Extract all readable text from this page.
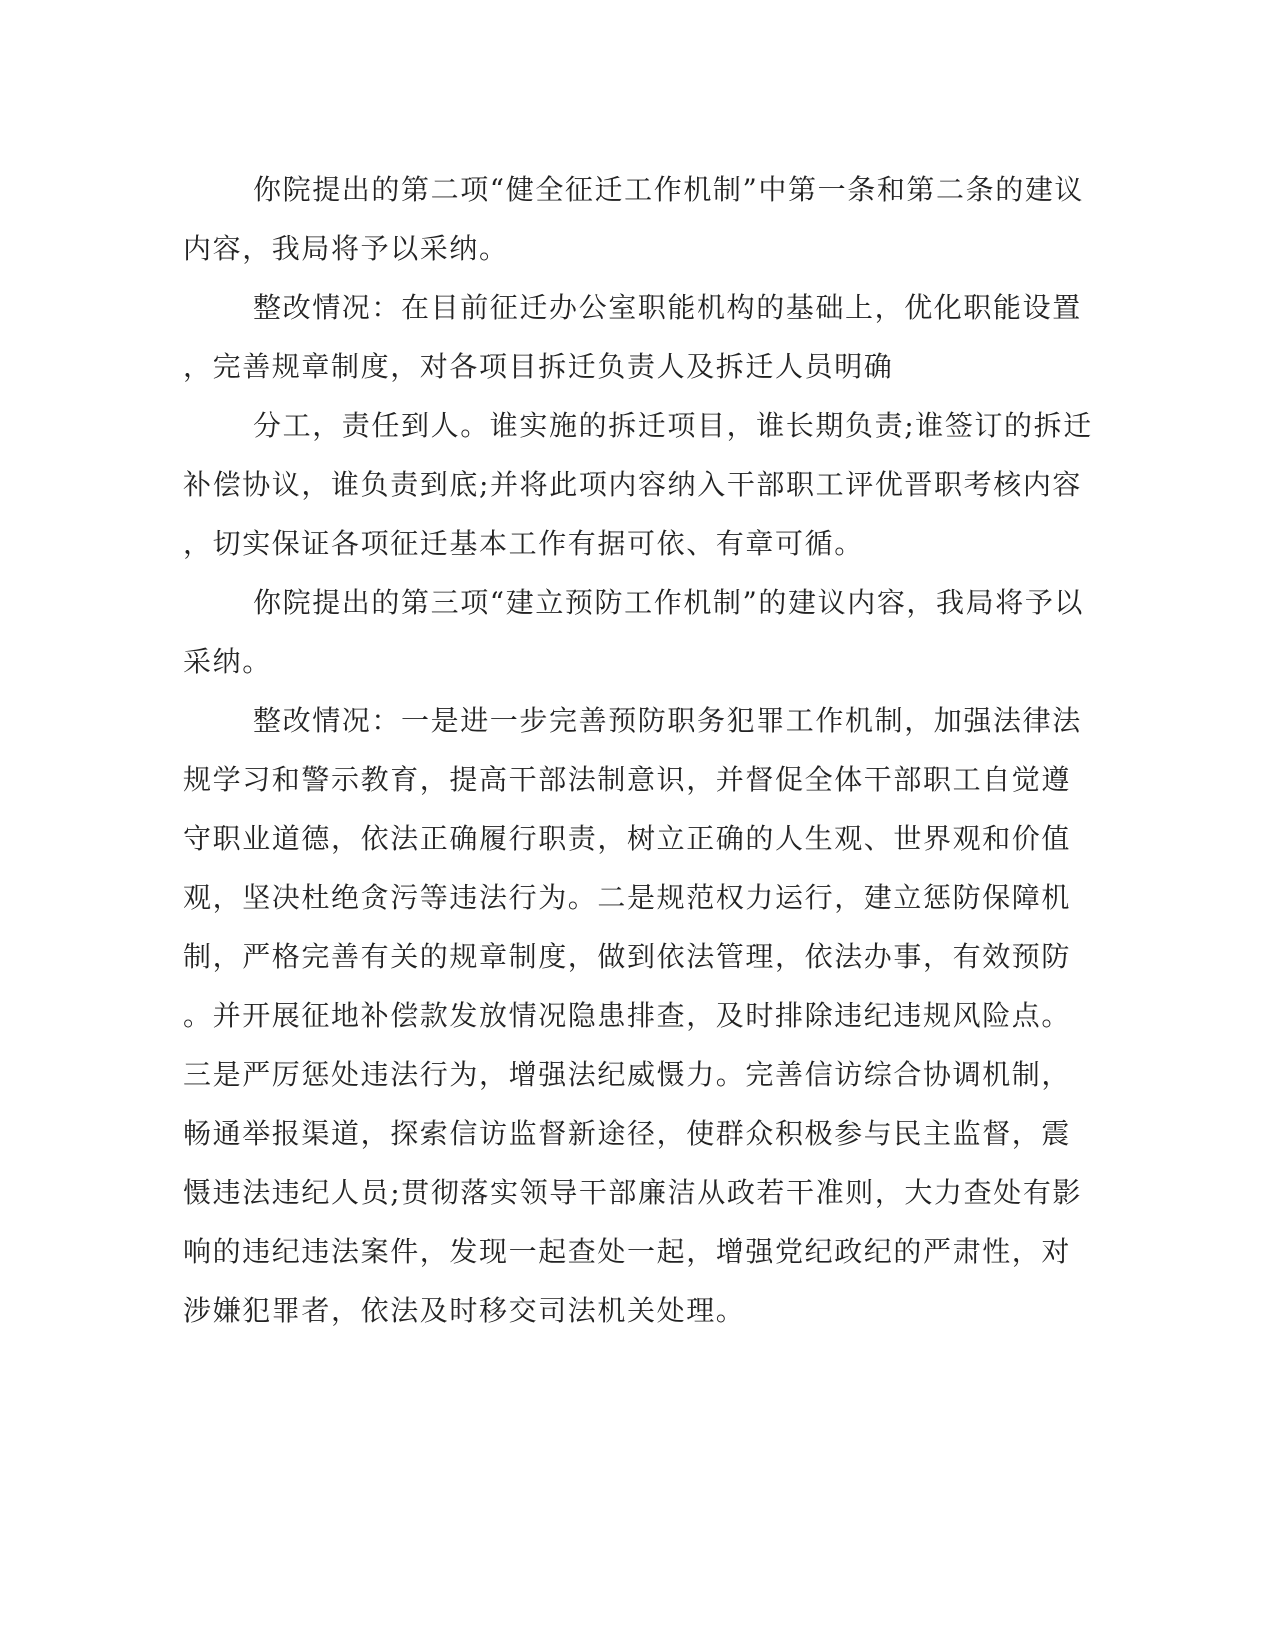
你院提出的第二项“健全征迁工作机制”中第一条和第二条的建议
内容，我局将予以采纳。
整改情况：在目前征迁办公室职能机构的基础上，优化职能设置
，完善规章制度，对各项目拆迁负责人及拆迁人员明确
分工，责任到人。谁实施的拆迁项目，谁长期负责;谁签订的拆迁
补偿协议，谁负责到底;并将此项内容纳入干部职工评优晋职考核内容
，切实保证各项征迁基本工作有据可依、有章可循。
你院提出的第三项“建立预防工作机制”的建议内容，我局将予以
采纳。
整改情况：一是进一步完善预防职务犯罪工作机制，加强法律法
规学习和警示教育，提高干部法制意识，并督促全体干部职工自觉遵
守职业道德，依法正确履行职责，树立正确的人生观、世界观和价值
观，坚决杜绝贪污等违法行为。二是规范权力运行，建立惩防保障机
制，严格完善有关的规章制度，做到依法管理，依法办事，有效预防
。并开展征地补偿款发放情况隐患排查，及时排除违纪违规风险点。
三是严厉惩处违法行为，增强法纪威慑力。完善信访综合协调机制，
畅通举报渠道，探索信访监督新途径，使群众积极参与民主监督，震
慑违法违纪人员;贯彻落实领导干部廉洁从政若干准则，大力查处有影
响的违纪违法案件，发现一起查处一起，增强党纪政纪的严肃性，对
涉嫌犯罪者，依法及时移交司法机关处理。
